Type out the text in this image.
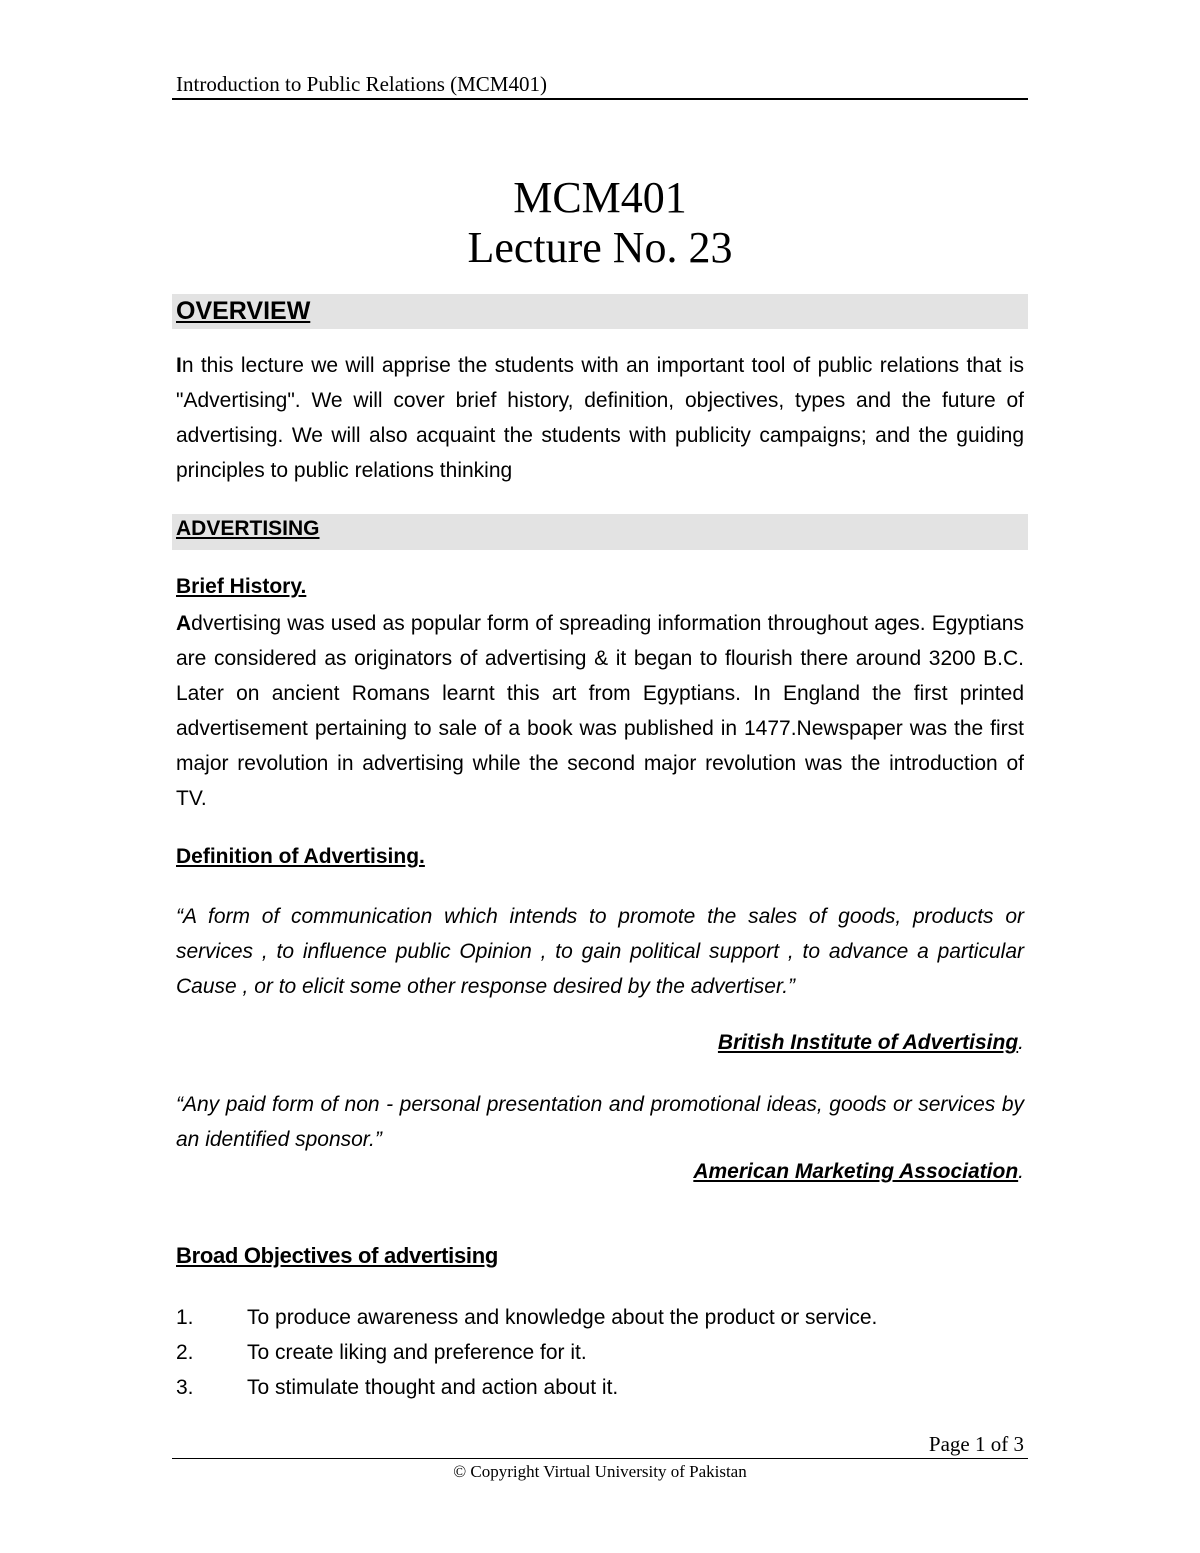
Introduction to Public Relations (MCM401)
MCM401
Lecture No. 23
OVERVIEW
In this lecture we will apprise the students with an important tool of public relations that is "Advertising". We will cover brief history, definition, objectives, types and the future of advertising. We will also acquaint the students with publicity campaigns; and the guiding principles to public relations thinking
ADVERTISING
Brief History.
Advertising was used as popular form of spreading information throughout ages. Egyptians are considered as originators of advertising & it began to flourish there around 3200 B.C. Later on ancient Romans learnt this art from Egyptians. In England the first printed advertisement pertaining to sale of a book was published in 1477.Newspaper was the first major revolution in advertising while the second major revolution was the introduction of TV.
Definition of Advertising.
“A form of communication which intends to promote the sales of goods, products or services , to influence public Opinion , to gain political support , to advance a particular Cause , or to elicit some other response desired by the advertiser.”
British Institute of Advertising.
“Any paid form of non - personal presentation and promotional ideas, goods or services by an identified sponsor.”
American Marketing Association.
Broad Objectives of advertising
1.	To produce awareness and knowledge about the product or service.
2.	To create liking and preference for it.
3.	To stimulate thought and action about it.
Page 1 of 3
© Copyright Virtual University of Pakistan
